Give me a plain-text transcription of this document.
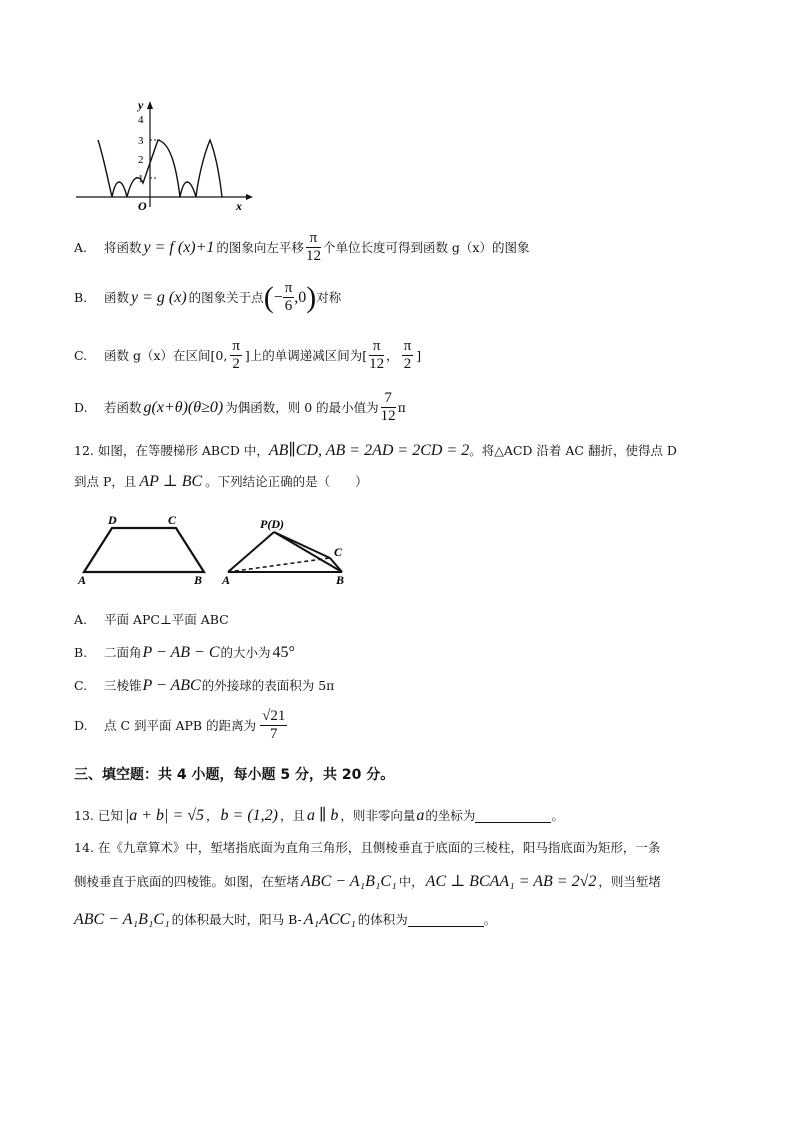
y
x
O
4
3
2
1
A.	将函数 y = f (x)+1 的图象向左平移 $\frac{\pi}{12}$ 个单位长度可得到函数 g（x）的图象
B.	函数 y = g (x) 的图象关于点 ( − $\frac{\pi}{6} ,0$ ) 对称
C.	函数 g（x）在区间[0, $\frac{\pi}{2}$ ]上的单调递减区间为[ $\frac{\pi}{12}$ ， $\frac{\pi}{2}$ ]
D.	若函数 g(x+θ)(θ≥0) 为偶函数，则 0 的最小值为 $\frac{7}{12}$ π
12. 如图，在等腰梯形 ABCD 中，AB∥CD, AB = 2AD = 2CD = 2。将△ACD 沿着 AC 翻折，使得点 D
到点 P，且 AP ⊥ BC 。下列结论正确的是（　　）
D	C
A	B
P(D)
C
A	B
A. 平面 APC⊥平面 ABC
B.	二面角 P − AB − C 的大小为 45°
C.	三棱锥 P − ABC 的外接球的表面积为 5π
D.	点 C 到平面 APB 的距离为 $\frac{√21}{7}$
三、填空题：共 4 小题，每小题 5 分，共 20 分。
13. 已知 |a + b| = √5 ， b = (1,2) ，且 a ∥ b ，则非零向量 a 的坐标为	。
14. 在《九章算术》中，堑堵指底面为直角三角形，且侧棱垂直于底面的三棱柱，阳马指底面为矩形，一条
侧棱垂直于底面的四棱锥。如图，在堑堵 ABC − A₁B₁C₁ 中， AC ⊥ BCAA₁ = AB = 2√2 ，则当堑堵
ABC − A₁B₁C₁ 的体积最大时，阳马 B- A₁ACC₁ 的体积为	。
